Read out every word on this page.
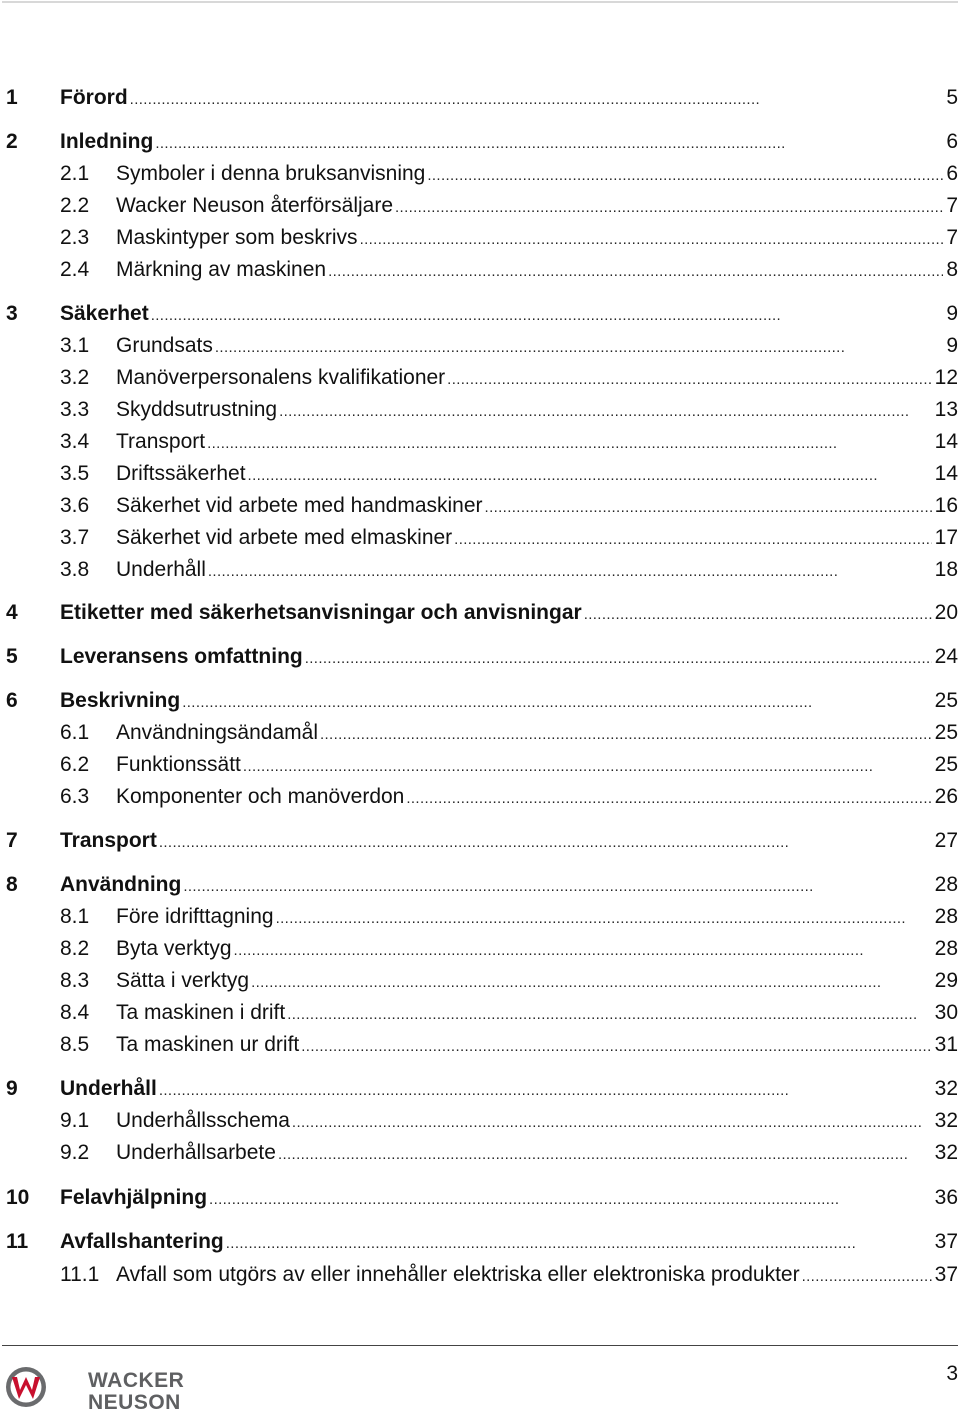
1 Förord . . .	5
2 Inledning . . .	6
2.1 Symboler i denna bruksanvisning . . .	6
2.2 Wacker Neuson återförsäljare . . .	7
2.3 Maskintyper som beskrivs . . .	7
2.4 Märkning av maskinen . . .	8
3 Säkerhet . . .	9
3.1 Grundsats . . .	9
3.2 Manöverpersonalens kvalifikationer . . .	12
3.3 Skyddsutrustning . . .	13
3.4 Transport . . .	14
3.5 Driftssäkerhet . . .	14
3.6 Säkerhet vid arbete med handmaskiner . . .	16
3.7 Säkerhet vid arbete med elmaskiner . . .	17
3.8 Underhåll . . .	18
4 Etiketter med säkerhetsanvisningar och anvisningar . . .	20
5 Leveransens omfattning . . .	24
6 Beskrivning . . .	25
6.1 Användningsändamål . . .	25
6.2 Funktionssätt . . .	25
6.3 Komponenter och manöverdon . . .	26
7 Transport . . .	27
8 Användning . . .	28
8.1 Före idrifttagning . . .	28
8.2 Byta verktyg . . .	28
8.3 Sätta i verktyg . . .	29
8.4 Ta maskinen i drift . . .	30
8.5 Ta maskinen ur drift . . .	31
9 Underhåll . . .	32
9.1 Underhållsschema . . .	32
9.2 Underhållsarbete . . .	32
10 Felavhjälpning . . .	36
11 Avfallshantering . . .	37
11.1 Avfall som utgörs av eller innehåller elektriska eller elektroniska produkter . . .	37
WACKER
NEUSON
3
